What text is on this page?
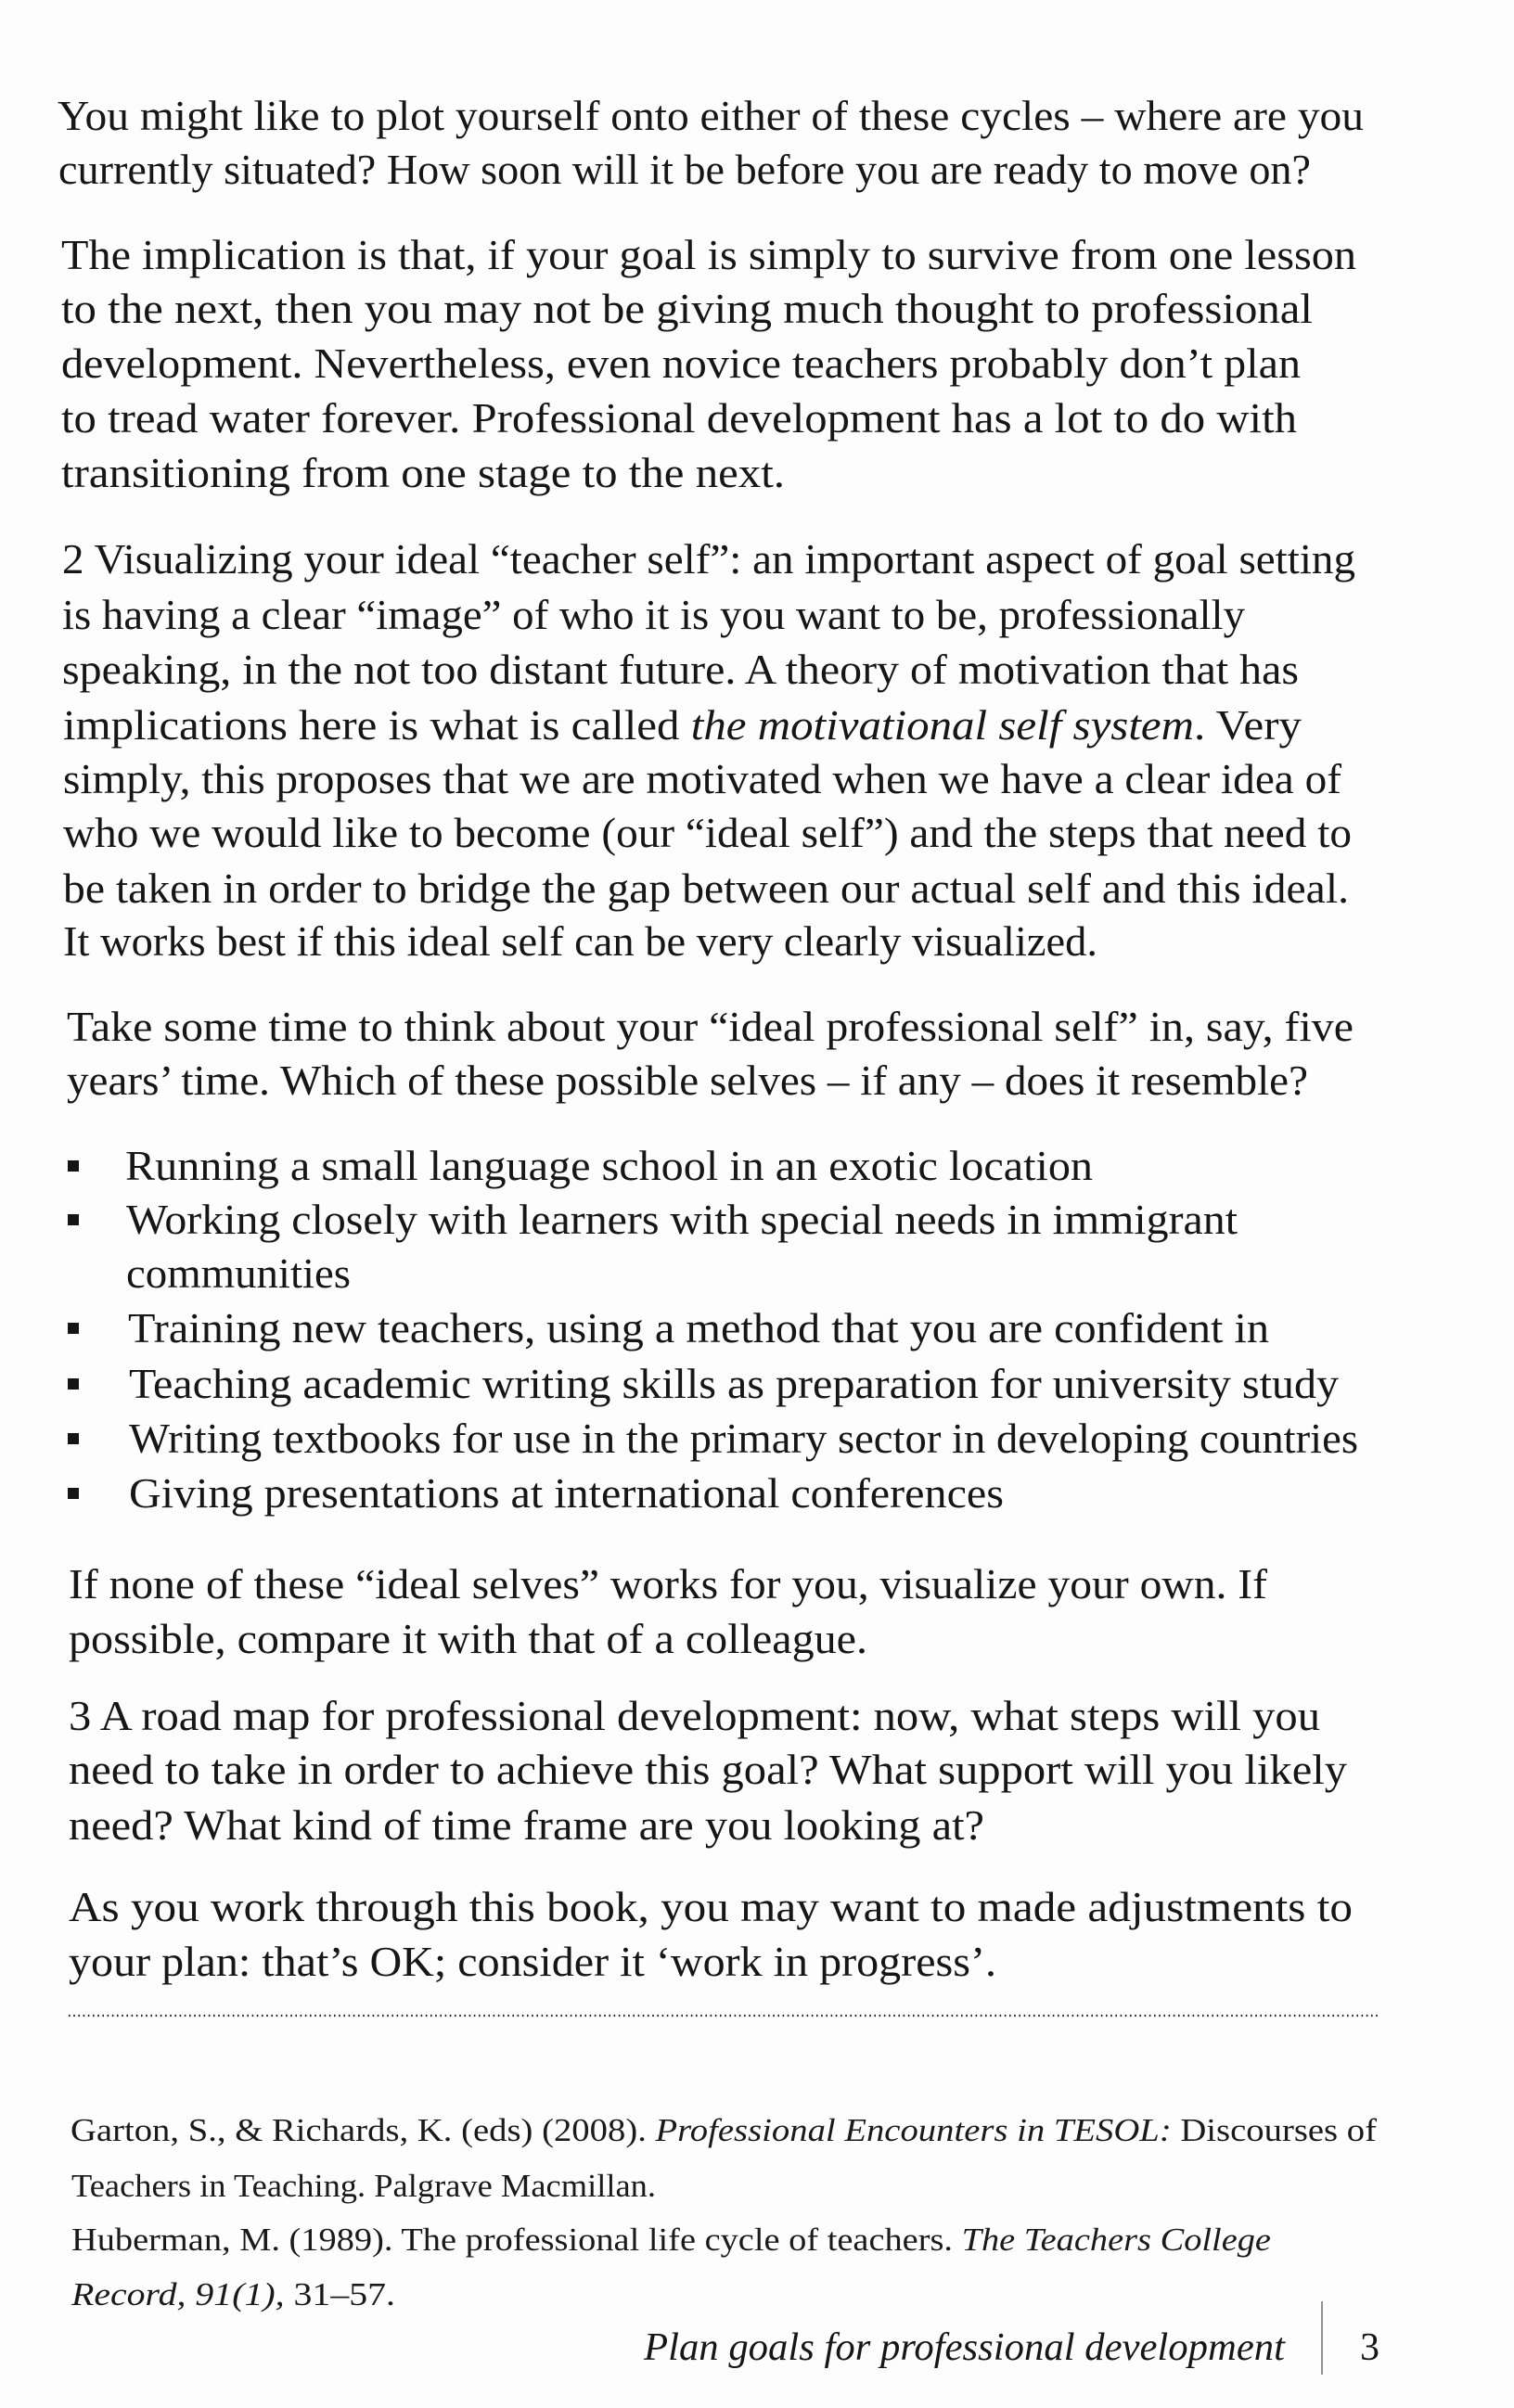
You might like to plot yourself onto either of these cycles – where are you
currently situated? How soon will it be before you are ready to move on?
The implication is that, if your goal is simply to survive from one lesson
to the next, then you may not be giving much thought to professional
development. Nevertheless, even novice teachers probably don’t plan
to tread water forever. Professional development has a lot to do with
transitioning from one stage to the next.
2 Visualizing your ideal “teacher self”: an important aspect of goal setting
is having a clear “image” of who it is you want to be, professionally
speaking, in the not too distant future. A theory of motivation that has
implications here is what is called the motivational self system . Very
simply, this proposes that we are motivated when we have a clear idea of
who we would like to become (our “ideal self”) and the steps that need to
be taken in order to bridge the gap between our actual self and this ideal.
It works best if this ideal self can be very clearly visualized.
Take some time to think about your “ideal professional self” in, say, five
years’ time. Which of these possible selves – if any – does it resemble?
Running a small language school in an exotic location
Working closely with learners with special needs in immigrant
communities
Training new teachers, using a method that you are confident in
Teaching academic writing skills as preparation for university study
Writing textbooks for use in the primary sector in developing countries
Giving presentations at international conferences
If none of these “ideal selves” works for you, visualize your own. If
possible, compare it with that of a colleague.
3 A road map for professional development: now, what steps will you
need to take in order to achieve this goal? What support will you likely
need? What kind of time frame are you looking at?
As you work through this book, you may want to made adjustments to
your plan: that’s OK; consider it ‘work in progress’.
Garton, S., & Richards, K. (eds) (2008). Professional Encounters in TESOL: Discourses of
Teachers in Teaching. Palgrave Macmillan.
Huberman, M. (1989). The professional life cycle of teachers. The Teachers College
Record, 91(1), 31–57.
Plan goals for professional development 3
